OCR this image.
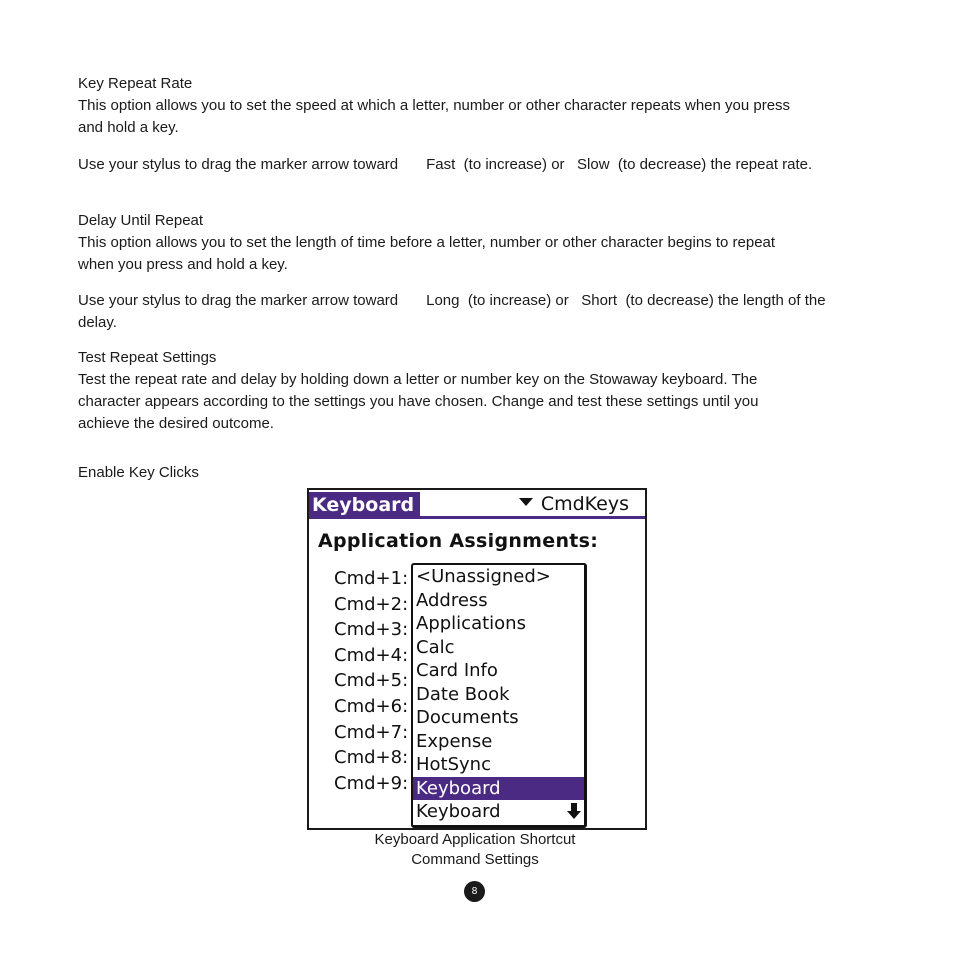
Key Repeat Rate

This option allows you to set the speed at which a letter, number or other character repeats when you press and hold a key.

Use your stylus to drag the marker arrow toward Fast (to increase) or Slow (to decrease) the repeat rate.

Delay Until Repeat

This option allows you to set the length of time before a letter, number or other character begins to repeat when you press and hold a key.

Use your stylus to drag the marker arrow toward Long (to increase) or Short (to decrease) the length of the delay.

Test Repeat Settings

Test the repeat rate and delay by holding down a letter or number key on the Stowaway keyboard. The character appears according to the settings you have chosen. Change and test these settings until you achieve the desired outcome.

Enable Key Clicks
Keyboard	CmdKeys
Application Assignments:
Cmd+1:
Cmd+2:
Cmd+3:
Cmd+4:
Cmd+5:
Cmd+6:
Cmd+7:
Cmd+8:
Cmd+9:
<Unassigned>
Address
Applications
Calc
Card Info
Date Book
Documents
Expense
HotSync
Keyboard
Keyboard
Keyboard Application Shortcut
Command Settings
8
